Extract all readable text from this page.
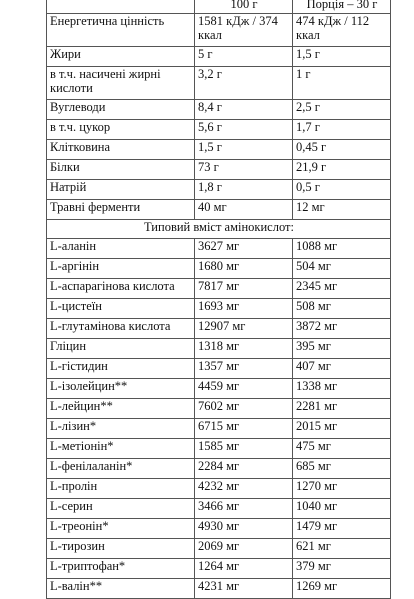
	100 г	Порція – 30 г
Енергетична цінність	1581 кДж / 374 ккал	474 кДж / 112 ккал
Жири	5 г	1,5 г
в т.ч. насичені жирні кислоти	3,2 г	1 г
Вуглеводи	8,4 г	2,5 г
в т.ч. цукор	5,6 г	1,7 г
Клітковина	1,5 г	0,45 г
Білки	73 г	21,9 г
Натрій	1,8 г	0,5 г
Травні ферменти	40 мг	12 мг
Типовий вміст амінокислот:		
L-аланін	3627 мг	1088 мг
L-аргінін	1680 мг	504 мг
L-аспарагінова кислота	7817 мг	2345 мг
L-цистеїн	1693 мг	508 мг
L-глутамінова кислота	12907 мг	3872 мг
Гліцин	1318 мг	395 мг
L-гістидин	1357 мг	407 мг
L-ізолейцин**	4459 мг	1338 мг
L-лейцин**	7602 мг	2281 мг
L-лізин*	6715 мг	2015 мг
L-метіонін*	1585 мг	475 мг
L-фенілаланін*	2284 мг	685 мг
L-пролін	4232 мг	1270 мг
L-серин	3466 мг	1040 мг
L-треонін*	4930 мг	1479 мг
L-тирозин	2069 мг	621 мг
L-триптофан*	1264 мг	379 мг
L-валін**	4231 мг	1269 мг
